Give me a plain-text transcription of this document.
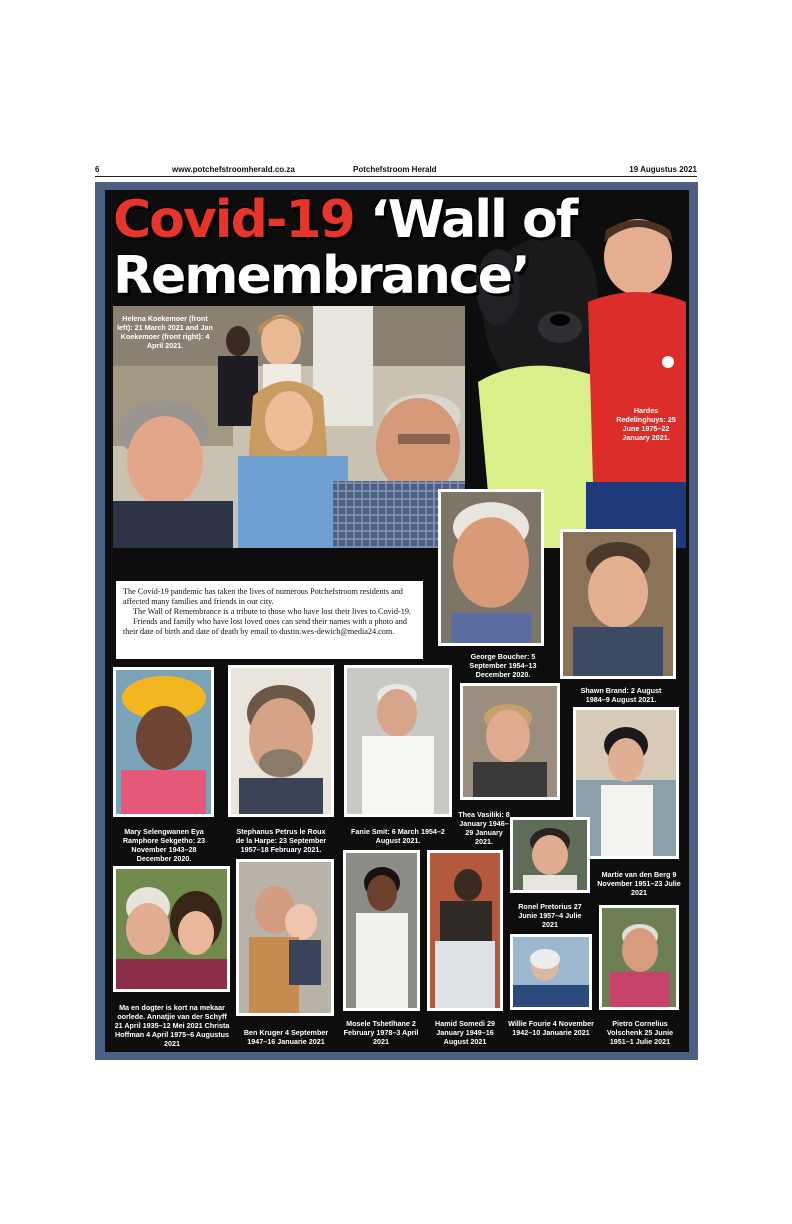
6	www.potchefstroomherald.co.za	Potchefstroom Herald	19 Augustus 2021
Covid-19 ‘Wall of
Remembrance’
Helena Koekemoer (front left): 21 March 2021 and Jan Koekemoer (front right): 4 April 2021.
Hardes Redelinghuys: 25 June 1975–22 January 2021.
George Boucher: 5 September 1954–13 December 2020.
Shawn Brand: 2 August 1984–9 August 2021.

The Covid-19 pandemic has taken the lives of numerous Potchefstroom residents and affected many families and friends in our city.

The Wall of Remembrance is a tribute to those who have lost their lives to Covid-19.

Friends and family who have lost loved ones can send their names with a photo and their date of birth and date of death by email to dustin.wes-dewich@media24.com.

Mary Selengwanen Eya Ramphore Sekgetho: 23 November 1943–28 December 2020.
Stephanus Petrus le Roux de la Harpe: 23 September 1957–18 February 2021.
Fanie Smit: 6 March 1954–2 August 2021.
Thea Vasiliki: 8 January 1946–29 January 2021.
Martie van den Berg 9 November 1951–23 Julie 2021
Ronel Pretorius 27 Junie 1957–4 Julie 2021
Ma en dogter is kort na mekaar oorlede. Annatjie van der Schyff 21 April 1935–12 Mei 2021 Christa Hoffman 4 April 1975–6 Augustus 2021
Ben Kruger 4 September 1947–16 Januarie 2021
Mosele Tshetlhane 2 February 1978–3 April 2021
Hamid Somedi 29 January 1949–16 August 2021
Willie Fourie 4 November 1942–10 Januarie 2021
Pietro Cornelius Volschenk 25 Junie 1951–1 Julie 2021
